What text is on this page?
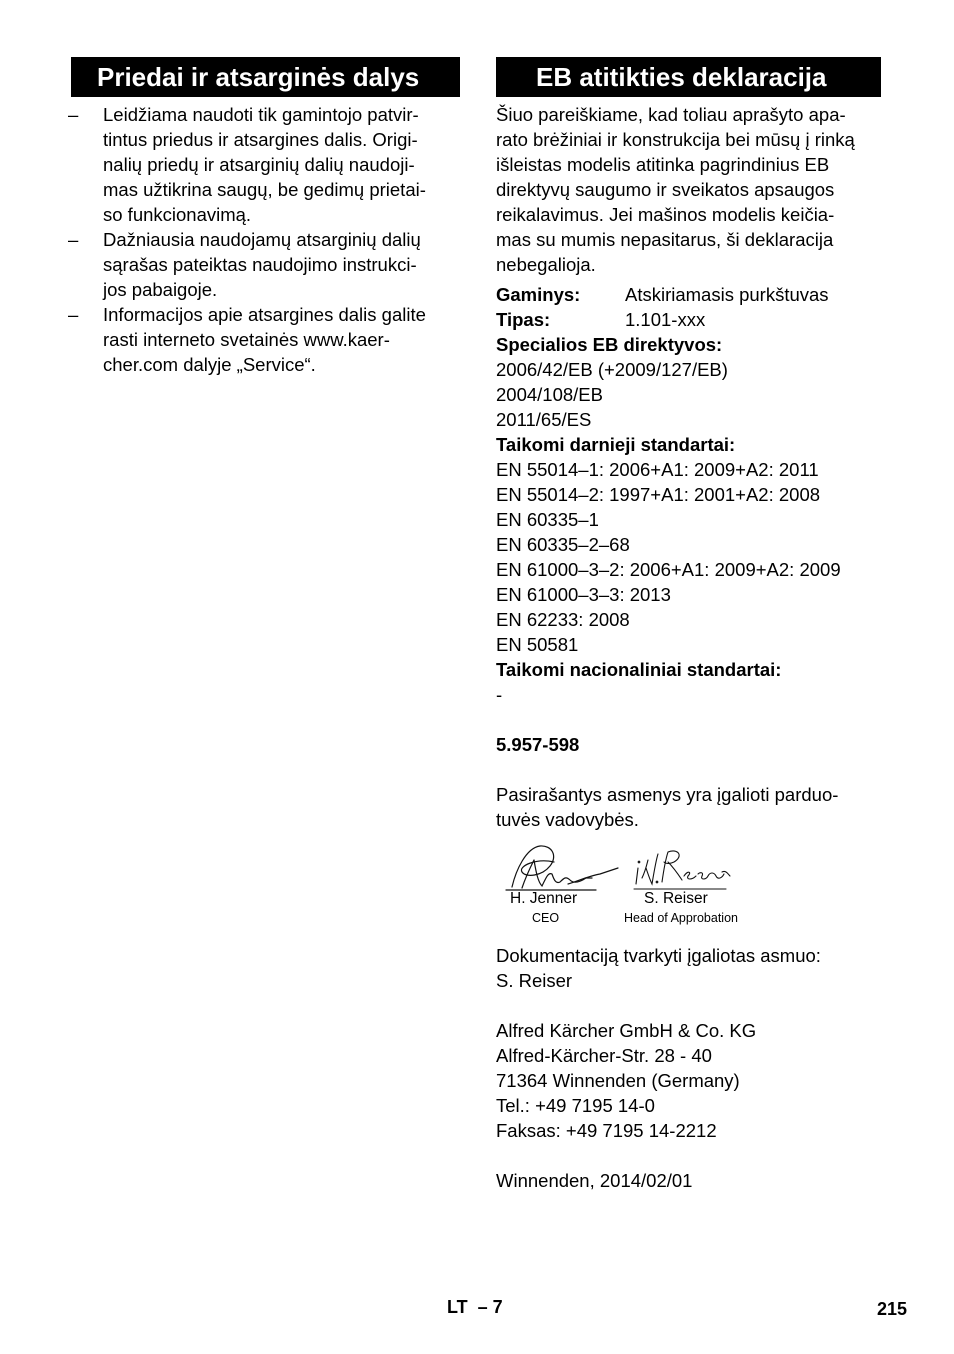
Priedai ir atsarginės dalys
– Leidžiama naudoti tik gamintojo patvir-
tintus priedus ir atsargines dalis. Origi-
nalių priedų ir atsarginių dalių naudoji-
mas užtikrina saugų, be gedimų prietai-
so funkcionavimą.
– Dažniausia naudojamų atsarginių dalių
sąrašas pateiktas naudojimo instrukci-
jos pabaigoje.
– Informacijos apie atsargines dalis galite
rasti interneto svetainės www.kaer-
cher.com dalyje „Service“.
EB atitikties deklaracija
Šiuo pareiškiame, kad toliau aprašyto apa-
rato brėžiniai ir konstrukcija bei mūsų į rinką
išleistas modelis atitinka pagrindinius EB
direktyvų saugumo ir sveikatos apsaugos
reikalavimus. Jei mašinos modelis keičia-
mas su mumis nepasitarus, ši deklaracija
nebegalioja.
Gaminys:	Atskiriamasis purkštuvas
Tipas:	1.101-xxx
Specialios EB direktyvos:
2006/42/EB (+2009/127/EB)
2004/108/EB
2011/65/ES
Taikomi darnieji standartai:
EN 55014–1: 2006+A1: 2009+A2: 2011
EN 55014–2: 1997+A1: 2001+A2: 2008
EN 60335–1
EN 60335–2–68
EN 61000–3–2: 2006+A1: 2009+A2: 2009
EN 61000–3–3: 2013
EN 62233: 2008
EN 50581
Taikomi nacionaliniai standartai:
-
5.957-598
Pasirašantys asmenys yra įgalioti parduo-
tuvės vadovybės.
H. Jenner
CEO
S. Reiser
Head of Approbation
Dokumentaciją tvarkyti įgaliotas asmuo:
S. Reiser
Alfred Kärcher GmbH & Co. KG
Alfred-Kärcher-Str. 28 - 40
71364 Winnenden (Germany)
Tel.: +49 7195 14-0
Faksas: +49 7195 14-2212
Winnenden, 2014/02/01
LT  – 7	215
